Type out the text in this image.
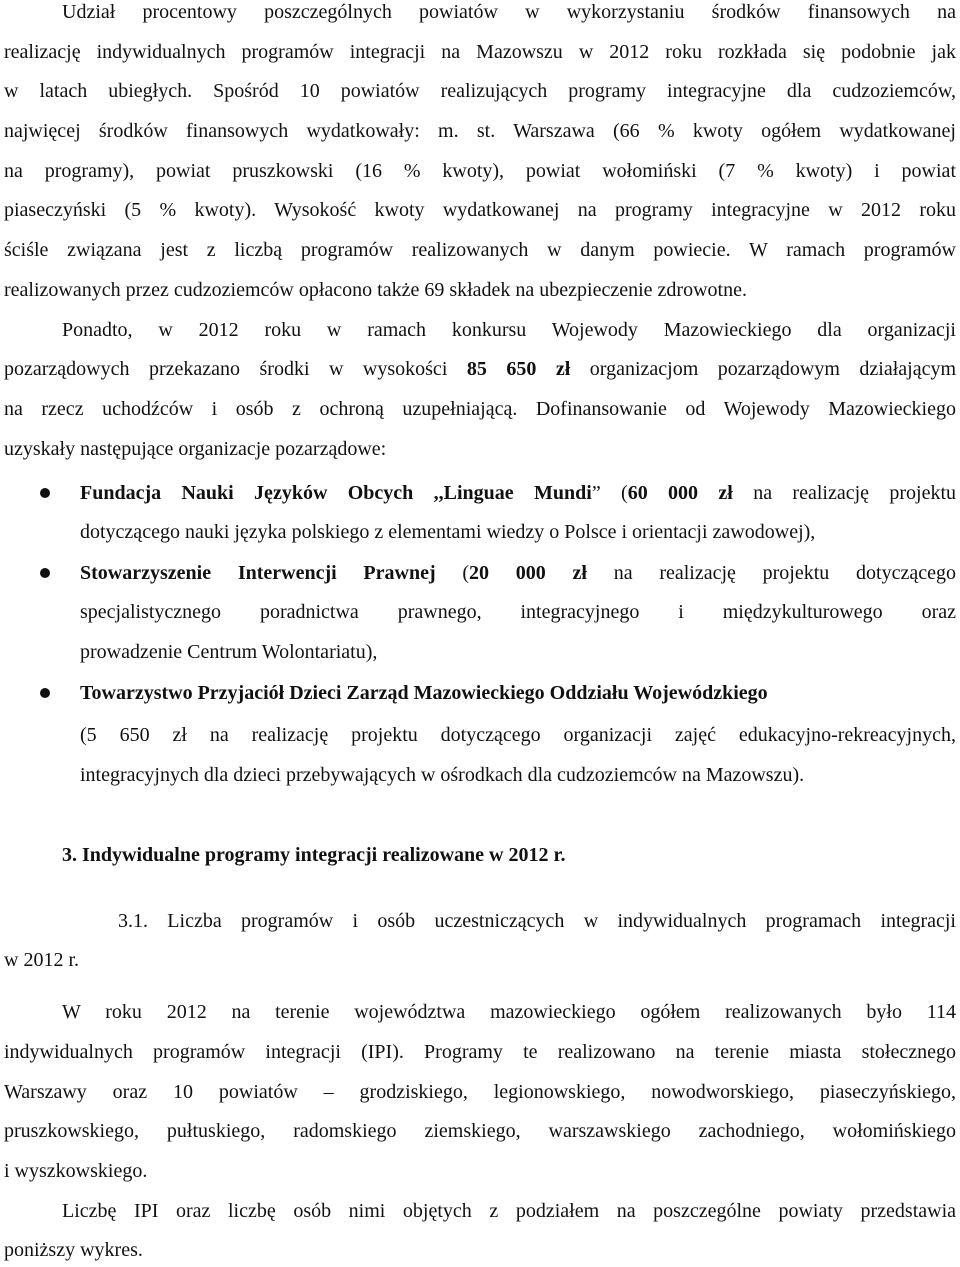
Udział procentowy poszczególnych powiatów w wykorzystaniu środków finansowych na
realizację indywidualnych programów integracji na Mazowszu w 2012 roku rozkłada się podobnie jak
w latach ubiegłych. Spośród 10 powiatów realizujących programy integracyjne dla cudzoziemców,
najwięcej środków finansowych wydatkowały: m. st. Warszawa (66 % kwoty ogółem wydatkowanej
na programy), powiat pruszkowski (16 % kwoty), powiat wołomiński (7 % kwoty) i powiat
piaseczyński (5 % kwoty). Wysokość kwoty wydatkowanej na programy integracyjne w 2012 roku
ściśle związana jest z liczbą programów realizowanych w danym powiecie. W ramach programów
realizowanych przez cudzoziemców opłacono także 69 składek na ubezpieczenie zdrowotne.
Ponadto, w 2012 roku w ramach konkursu Wojewody Mazowieckiego dla organizacji
pozarządowych przekazano środki w wysokości 85 650 zł organizacjom pozarządowym działającym
na rzecz uchodźców i osób z ochroną uzupełniającą. Dofinansowanie od Wojewody Mazowieckiego
uzyskały następujące organizacje pozarządowe:
Fundacja Nauki Języków Obcych ,,Linguae Mundi” (60 000 zł na realizację projektu
dotyczącego nauki języka polskiego z elementami wiedzy o Polsce i orientacji zawodowej),
Stowarzyszenie Interwencji Prawnej (20 000 zł na realizację projektu dotyczącego
specjalistycznego poradnictwa prawnego, integracyjnego i międzykulturowego oraz
prowadzenie Centrum Wolontariatu),
Towarzystwo Przyjaciół Dzieci Zarząd Mazowieckiego Oddziału Wojewódzkiego
(5 650 zł na realizację projektu dotyczącego organizacji zajęć edukacyjno-rekreacyjnych,
integracyjnych dla dzieci przebywających w ośrodkach dla cudzoziemców na Mazowszu).
3. Indywidualne programy integracji realizowane w 2012 r.
3.1. Liczba programów i osób uczestniczących w indywidualnych programach integracji
w 2012 r.
W roku 2012 na terenie województwa mazowieckiego ogółem realizowanych było 114
indywidualnych programów integracji (IPI). Programy te realizowano na terenie miasta stołecznego
Warszawy oraz 10 powiatów – grodziskiego, legionowskiego, nowodworskiego, piaseczyńskiego,
pruszkowskiego, pułtuskiego, radomskiego ziemskiego, warszawskiego zachodniego, wołomińskiego
i wyszkowskiego.
Liczbę IPI oraz liczbę osób nimi objętych z podziałem na poszczególne powiaty przedstawia
poniższy wykres.
